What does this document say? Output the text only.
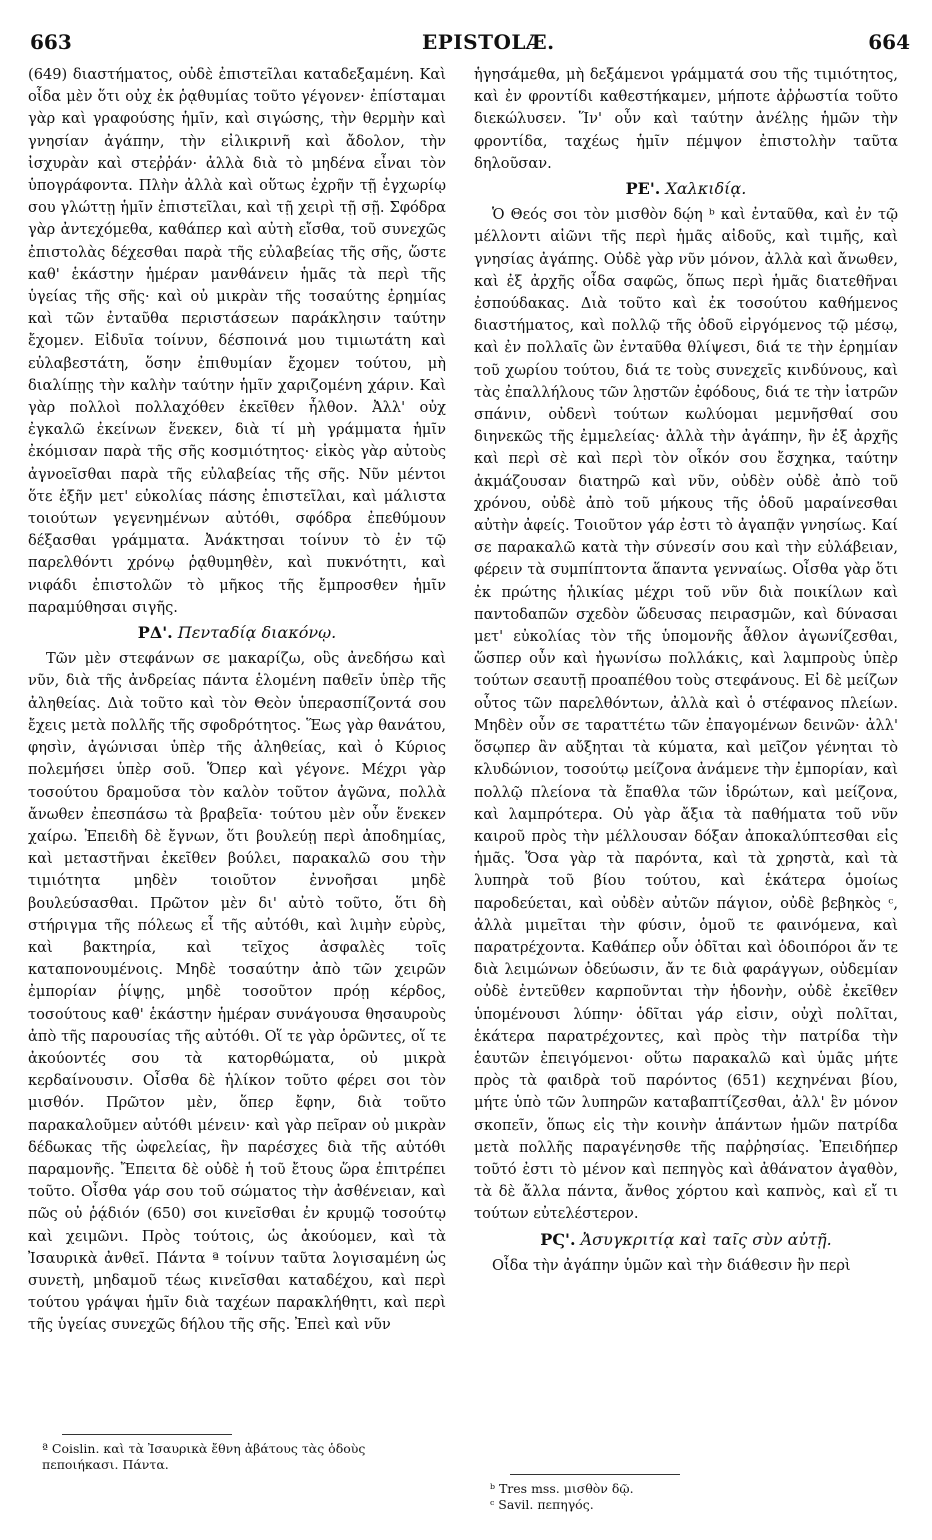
663	EPISTOLÆ.	664

(649) διαστήματος, οὐδὲ ἐπιστεῖλαι καταδεξαμένη. Καὶ οἶδα μὲν ὅτι οὐχ ἐκ ῥᾳθυμίας τοῦτο γέγονεν· ἐπίσταμαι γὰρ καὶ γραφούσης ἡμῖν, καὶ σιγώσης, τὴν θερμὴν καὶ γνησίαν ἀγάπην, τὴν εἰλικρινῆ καὶ ἄδολον, τὴν ἰσχυρὰν καὶ στεῤῥάν· ἀλλὰ διὰ τὸ μηδένα εἶναι τὸν ὑπογράφοντα. Πλὴν ἀλλὰ καὶ οὕτως ἐχρῆν τῇ ἐγχωρίῳ σου γλώττῃ ἡμῖν ἐπιστεῖλαι, καὶ τῇ χειρὶ τῇ σῇ. Σφόδρα γὰρ ἀντεχόμεθα, καθάπερ καὶ αὐτὴ εἴσθα, τοῦ συνεχῶς ἐπιστολὰς δέχεσθαι παρὰ τῆς εὐλαβείας τῆς σῆς, ὥστε καθ' ἑκάστην ἡμέραν μανθάνειν ἡμᾶς τὰ περὶ τῆς ὑγείας τῆς σῆς· καὶ οὐ μικρὰν τῆς τοσαύτης ἐρημίας καὶ τῶν ἐνταῦθα περιστάσεων παράκλησιν ταύτην ἔχομεν. Εἰδυῖα τοίνυν, δέσποινά μου τιμιωτάτη καὶ εὐλαβεστάτη, ὅσην ἐπιθυμίαν ἔχομεν τούτου, μὴ διαλίπῃς τὴν καλὴν ταύτην ἡμῖν χαριζομένη χάριν. Καὶ γὰρ πολλοὶ πολλαχόθεν ἐκεῖθεν ἦλθον. Ἀλλ' οὐχ ἐγκαλῶ ἐκείνων ἕνεκεν, διὰ τί μὴ γράμματα ἡμῖν ἐκόμισαν παρὰ τῆς σῆς κοσμιότητος· εἰκὸς γὰρ αὐτοὺς ἀγνοεῖσθαι παρὰ τῆς εὐλαβείας τῆς σῆς. Νῦν μέντοι ὅτε ἐξῆν μετ' εὐκολίας πάσης ἐπιστεῖλαι, καὶ μάλιστα τοιούτων γεγενημένων αὐτόθι, σφόδρα ἐπεθύμουν δέξασθαι γράμματα. Ἀνάκτησαι τοίνυν τὸ ἐν τῷ παρελθόντι χρόνῳ ῥᾳθυμηθὲν, καὶ πυκνότητι, καὶ νιφάδι ἐπιστολῶν τὸ μῆκος τῆς ἔμπροσθεν ἡμῖν παραμύθησαι σιγῆς.

ΡΔ'. Πενταδίᾳ διακόνῳ.

Τῶν μὲν στεφάνων σε μακαρίζω, οὓς ἀνεδήσω καὶ νῦν, διὰ τῆς ἀνδρείας πάντα ἑλομένη παθεῖν ὑπὲρ τῆς ἀληθείας. Διὰ τοῦτο καὶ τὸν Θεὸν ὑπερασπίζοντά σου ἔχεις μετὰ πολλῆς τῆς σφοδρότητος. Ἕως γὰρ θανάτου, φησὶν, ἀγώνισαι ὑπὲρ τῆς ἀληθείας, καὶ ὁ Κύριος πολεμήσει ὑπὲρ σοῦ. Ὅπερ καὶ γέγονε. Μέχρι γὰρ τοσούτου δραμοῦσα τὸν καλὸν τοῦτον ἀγῶνα, πολλὰ ἄνωθεν ἐπεσπάσω τὰ βραβεῖα· τούτου μὲν οὖν ἕνεκεν χαίρω. Ἐπειδὴ δὲ ἔγνων, ὅτι βουλεύῃ περὶ ἀποδημίας, καὶ μεταστῆναι ἐκεῖθεν βούλει, παρακαλῶ σου τὴν τιμιότητα μηδὲν τοιοῦτον ἐννοῆσαι μηδὲ βουλεύσασθαι. Πρῶτον μὲν δι' αὐτὸ τοῦτο, ὅτι δὴ στήριγμα τῆς πόλεως εἶ τῆς αὐτόθι, καὶ λιμὴν εὐρὺς, καὶ βακτηρία, καὶ τεῖχος ἀσφαλὲς τοῖς καταπονουμένοις. Μηδὲ τοσαύτην ἀπὸ τῶν χειρῶν ἐμπορίαν ῥίψῃς, μηδὲ τοσοῦτον πρόῃ κέρδος, τοσούτους καθ' ἑκάστην ἡμέραν συνάγουσα θησαυροὺς ἀπὸ τῆς παρουσίας τῆς αὐτόθι. Οἵ τε γὰρ ὁρῶντες, οἵ τε ἀκούοντές σου τὰ κατορθώματα, οὐ μικρὰ κερδαίνουσιν. Οἶσθα δὲ ἡλίκον τοῦτο φέρει σοι τὸν μισθόν. Πρῶτον μὲν, ὅπερ ἔφην, διὰ τοῦτο παρακαλοῦμεν αὐτόθι μένειν· καὶ γὰρ πεῖραν οὐ μικρὰν δέδωκας τῆς ὠφελείας, ἣν παρέσχες διὰ τῆς αὐτόθι παραμονῆς. Ἔπειτα δὲ οὐδὲ ἡ τοῦ ἔτους ὥρα ἐπιτρέπει τοῦτο. Οἶσθα γάρ σου τοῦ σώματος τὴν ἀσθένειαν, καὶ πῶς οὐ ῥᾴδιόν (650) σοι κινεῖσθαι ἐν κρυμῷ τοσούτῳ καὶ χειμῶνι. Πρὸς τούτοις, ὡς ἀκούομεν, καὶ τὰ Ἰσαυρικὰ ἀνθεῖ. Πάντα ª τοίνυν ταῦτα λογισαμένη ὡς συνετὴ, μηδαμοῦ τέως κινεῖσθαι καταδέχου, καὶ περὶ τούτου γράψαι ἡμῖν διὰ ταχέων παρακλήθητι, καὶ περὶ τῆς ὑγείας συνεχῶς δήλου τῆς σῆς. Ἐπεὶ καὶ νῦν

ª Coislin. καὶ τὰ Ἰσαυρικὰ ἔθνη ἀβάτους τὰς ὁδοὺς πεποιήκασι. Πάντα.

ἡγησάμεθα, μὴ δεξάμενοι γράμματά σου τῆς τιμιότητος, καὶ ἐν φροντίδι καθεστήκαμεν, μήποτε ἀῤῥωστία τοῦτο διεκώλυσεν. Ἵν' οὖν καὶ ταύτην ἀνέλῃς ἡμῶν τὴν φροντίδα, ταχέως ἡμῖν πέμψον ἐπιστολὴν ταῦτα δηλοῦσαν.

ΡΕ'. Χαλκιδίᾳ.

Ὁ Θεός σοι τὸν μισθὸν δῴη ᵇ καὶ ἐνταῦθα, καὶ ἐν τῷ μέλλοντι αἰῶνι τῆς περὶ ἡμᾶς αἰδοῦς, καὶ τιμῆς, καὶ γνησίας ἀγάπης. Οὐδὲ γὰρ νῦν μόνον, ἀλλὰ καὶ ἄνωθεν, καὶ ἐξ ἀρχῆς οἶδα σαφῶς, ὅπως περὶ ἡμᾶς διατεθῆναι ἐσπούδακας. Διὰ τοῦτο καὶ ἐκ τοσούτου καθήμενος διαστήματος, καὶ πολλῷ τῆς ὁδοῦ εἰργόμενος τῷ μέσῳ, καὶ ἐν πολλαῖς ὢν ἐνταῦθα θλίψεσι, διά τε τὴν ἐρημίαν τοῦ χωρίου τούτου, διά τε τοὺς συνεχεῖς κινδύνους, καὶ τὰς ἐπαλλήλους τῶν λῃστῶν ἐφόδους, διά τε τὴν ἰατρῶν σπάνιν, οὐδενὶ τούτων κωλύομαι μεμνῆσθαί σου διηνεκῶς τῆς ἐμμελείας· ἀλλὰ τὴν ἀγάπην, ἣν ἐξ ἀρχῆς καὶ περὶ σὲ καὶ περὶ τὸν οἶκόν σου ἔσχηκα, ταύτην ἀκμάζουσαν διατηρῶ καὶ νῦν, οὐδὲν οὐδὲ ἀπὸ τοῦ χρόνου, οὐδὲ ἀπὸ τοῦ μήκους τῆς ὁδοῦ μαραίνεσθαι αὐτὴν ἀφείς. Τοιοῦτον γάρ ἐστι τὸ ἀγαπᾷν γνησίως. Καί σε παρακαλῶ κατὰ τὴν σύνεσίν σου καὶ τὴν εὐλάβειαν, φέρειν τὰ συμπίπτοντα ἅπαντα γενναίως. Οἶσθα γὰρ ὅτι ἐκ πρώτης ἡλικίας μέχρι τοῦ νῦν διὰ ποικίλων καὶ παντοδαπῶν σχεδὸν ὥδευσας πειρασμῶν, καὶ δύνασαι μετ' εὐκολίας τὸν τῆς ὑπομονῆς ἆθλον ἀγωνίζεσθαι, ὥσπερ οὖν καὶ ἠγωνίσω πολλάκις, καὶ λαμπροὺς ὑπὲρ τούτων σεαυτῇ προαπέθου τοὺς στεφάνους. Εἰ δὲ μείζων οὗτος τῶν παρελθόντων, ἀλλὰ καὶ ὁ στέφανος πλείων. Μηδὲν οὖν σε ταραττέτω τῶν ἐπαγομένων δεινῶν· ἀλλ' ὅσῳπερ ἂν αὔξηται τὰ κύματα, καὶ μεῖζον γένηται τὸ κλυδώνιον, τοσούτῳ μείζονα ἀνάμενε τὴν ἐμπορίαν, καὶ πολλῷ πλείονα τὰ ἔπαθλα τῶν ἱδρώτων, καὶ μείζονα, καὶ λαμπρότερα. Οὐ γὰρ ἄξια τὰ παθήματα τοῦ νῦν καιροῦ πρὸς τὴν μέλλουσαν δόξαν ἀποκαλύπτεσθαι εἰς ἡμᾶς. Ὅσα γὰρ τὰ παρόντα, καὶ τὰ χρηστὰ, καὶ τὰ λυπηρὰ τοῦ βίου τούτου, καὶ ἑκάτερα ὁμοίως παροδεύεται, καὶ οὐδὲν αὐτῶν πάγιον, οὐδὲ βεβηκὸς ᶜ, ἀλλὰ μιμεῖται τὴν φύσιν, ὁμοῦ τε φαινόμενα, καὶ παρατρέχοντα. Καθάπερ οὖν ὁδῖται καὶ ὁδοιπόροι ἄν τε διὰ λειμώνων ὁδεύωσιν, ἄν τε διὰ φαράγγων, οὐδεμίαν οὐδὲ ἐντεῦθεν καρποῦνται τὴν ἡδονὴν, οὐδὲ ἐκεῖθεν ὑπομένουσι λύπην· ὁδῖται γάρ εἰσιν, οὐχὶ πολῖται, ἑκάτερα παρατρέχοντες, καὶ πρὸς τὴν πατρίδα τὴν ἑαυτῶν ἐπειγόμενοι· οὕτω παρακαλῶ καὶ ὑμᾶς μήτε πρὸς τὰ φαιδρὰ τοῦ παρόντος (651) κεχηνέναι βίου, μήτε ὑπὸ τῶν λυπηρῶν καταβαπτίζεσθαι, ἀλλ' ἓν μόνον σκοπεῖν, ὅπως εἰς τὴν κοινὴν ἁπάντων ἡμῶν πατρίδα μετὰ πολλῆς παραγένησθε τῆς παῤῥησίας. Ἐπειδήπερ τοῦτό ἐστι τὸ μένον καὶ πεπηγὸς καὶ ἀθάνατον ἀγαθὸν, τὰ δὲ ἄλλα πάντα, ἄνθος χόρτου καὶ καπνὸς, καὶ εἴ τι τούτων εὐτελέστερον.

ΡϚ'. Ἀσυγκριτίᾳ καὶ ταῖς σὺν αὐτῇ.

Οἶδα τὴν ἀγάπην ὑμῶν καὶ τὴν διάθεσιν ἣν περὶ

ᵇ Tres mss. μισθὸν δῷ.
ᶜ Savil. πεπηγός.
